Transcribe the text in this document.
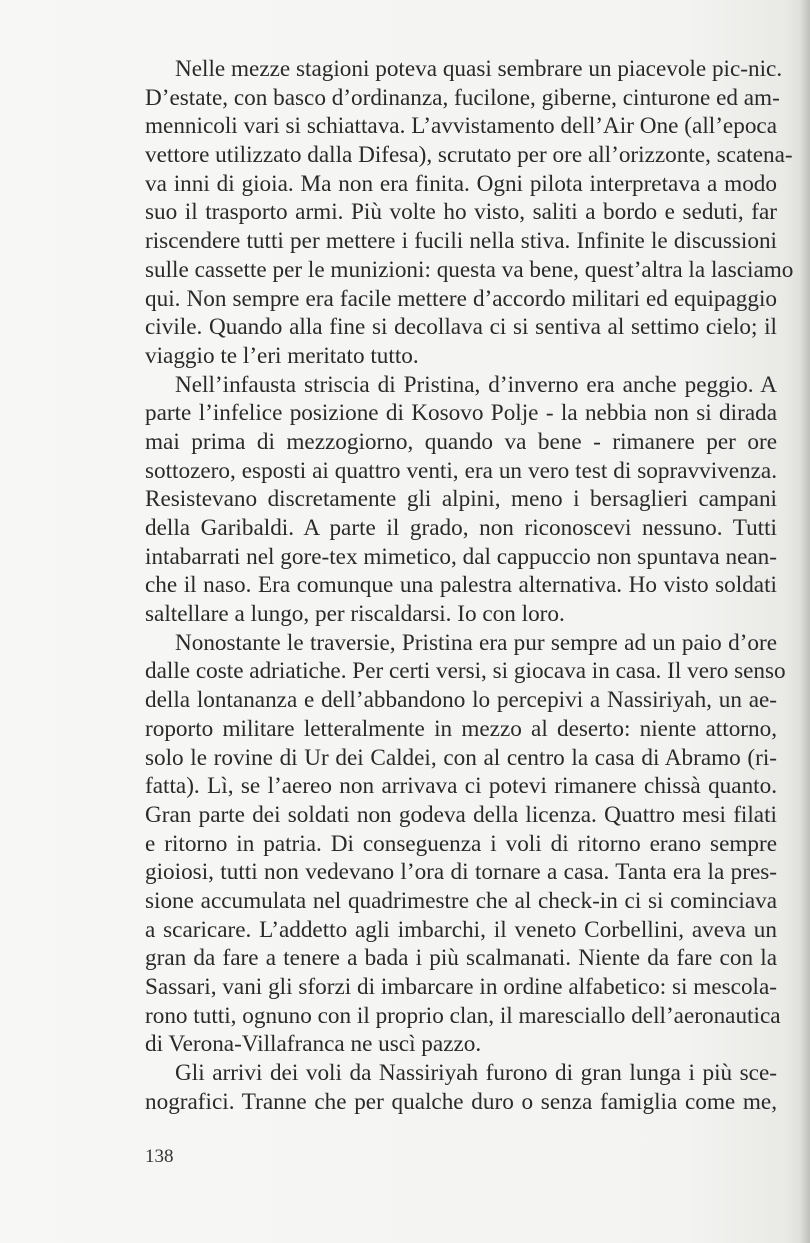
Nelle mezze stagioni poteva quasi sembrare un piacevole pic-nic.
D’estate, con basco d’ordinanza, fucilone, giberne, cinturone ed am-
mennicoli vari si schiattava. L’avvistamento dell’Air One (all’epoca
vettore utilizzato dalla Difesa), scrutato per ore all’orizzonte, scatena-
va inni di gioia. Ma non era finita. Ogni pilota interpretava a modo
suo il trasporto armi. Più volte ho visto, saliti a bordo e seduti, far
riscendere tutti per mettere i fucili nella stiva. Infinite le discussioni
sulle cassette per le munizioni: questa va bene, quest’altra la lasciamo
qui. Non sempre era facile mettere d’accordo militari ed equipaggio
civile. Quando alla fine si decollava ci si sentiva al settimo cielo; il
viaggio te l’eri meritato tutto.

Nell’infausta striscia di Pristina, d’inverno era anche peggio. A
parte l’infelice posizione di Kosovo Polje - la nebbia non si dirada
mai prima di mezzogiorno, quando va bene - rimanere per ore
sottozero, esposti ai quattro venti, era un vero test di sopravvivenza.
Resistevano discretamente gli alpini, meno i bersaglieri campani
della Garibaldi. A parte il grado, non riconoscevi nessuno. Tutti
intabarrati nel gore-tex mimetico, dal cappuccio non spuntava nean-
che il naso. Era comunque una palestra alternativa. Ho visto soldati
saltellare a lungo, per riscaldarsi. Io con loro.

Nonostante le traversie, Pristina era pur sempre ad un paio d’ore
dalle coste adriatiche. Per certi versi, si giocava in casa. Il vero senso
della lontananza e dell’abbandono lo percepivi a Nassiriyah, un ae-
roporto militare letteralmente in mezzo al deserto: niente attorno,
solo le rovine di Ur dei Caldei, con al centro la casa di Abramo (ri-
fatta). Lì, se l’aereo non arrivava ci potevi rimanere chissà quanto.
Gran parte dei soldati non godeva della licenza. Quattro mesi filati
e ritorno in patria. Di conseguenza i voli di ritorno erano sempre
gioiosi, tutti non vedevano l’ora di tornare a casa. Tanta era la pres-
sione accumulata nel quadrimestre che al check-in ci si cominciava
a scaricare. L’addetto agli imbarchi, il veneto Corbellini, aveva un
gran da fare a tenere a bada i più scalmanati. Niente da fare con la
Sassari, vani gli sforzi di imbarcare in ordine alfabetico: si mescola-
rono tutti, ognuno con il proprio clan, il maresciallo dell’aeronautica
di Verona-Villafranca ne uscì pazzo.

Gli arrivi dei voli da Nassiriyah furono di gran lunga i più sce-
nografici. Tranne che per qualche duro o senza famiglia come me,

138
